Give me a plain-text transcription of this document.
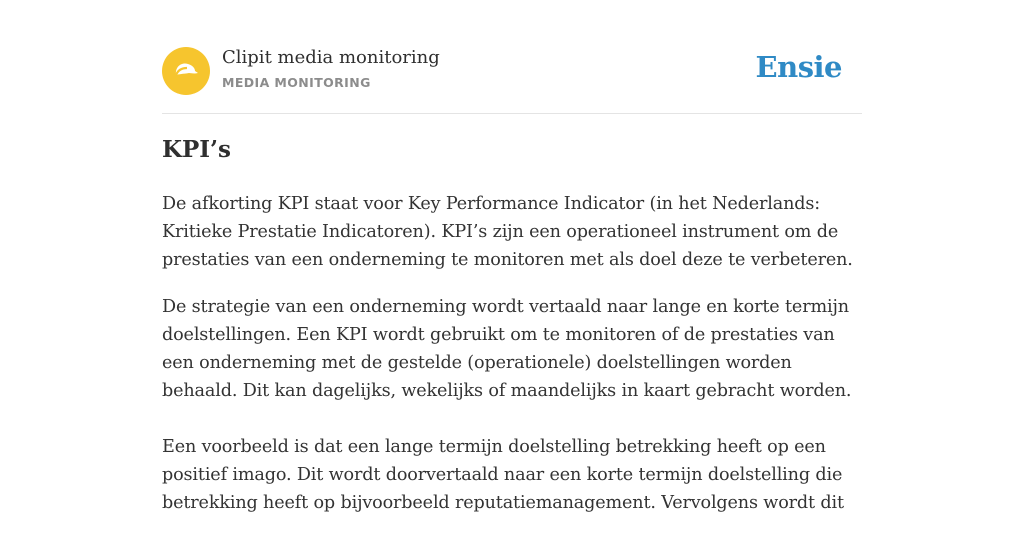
Clipit media monitoring
MEDIA MONITORING	Ensie
KPI’s

De afkorting KPI staat voor Key Performance Indicator (in het Nederlands: Kritieke Prestatie Indicatoren). KPI’s zijn een operationeel instrument om de prestaties van een onderneming te monitoren met als doel deze te verbeteren.

De strategie van een onderneming wordt vertaald naar lange en korte termijn doelstellingen. Een KPI wordt gebruikt om te monitoren of de prestaties van een onderneming met de gestelde (operationele) doelstellingen worden behaald. Dit kan dagelijks, wekelijks of maandelijks in kaart gebracht worden.

Een voorbeeld is dat een lange termijn doelstelling betrekking heeft op een positief imago. Dit wordt doorvertaald naar een korte termijn doelstelling die betrekking heeft op bijvoorbeeld reputatiemanagement. Vervolgens wordt dit
